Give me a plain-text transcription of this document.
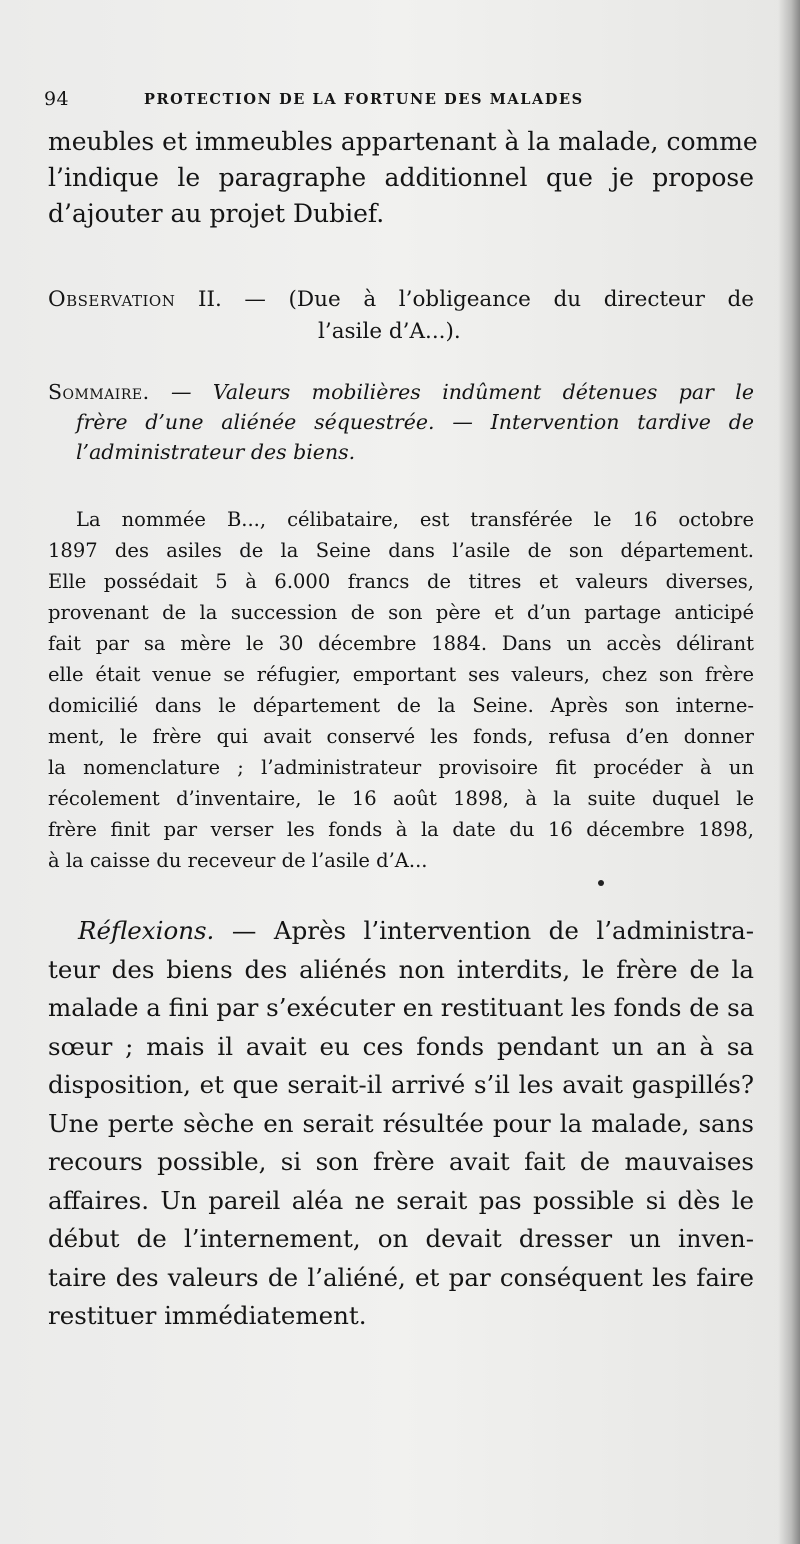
94	PROTECTION DE LA FORTUNE DES MALADES
meubles et immeubles appartenant à la malade, comme
l’indique le paragraphe additionnel que je propose
d’ajouter au projet Dubief.
Observation II. — (Due à l’obligeance du directeur de
l’asile d’A...).
Sommaire. — Valeurs mobilières indûment détenues par le
frère d’une aliénée séquestrée. — Intervention tardive de
l’administrateur des biens.
La nommée B..., célibataire, est transférée le 16 octobre
1897 des asiles de la Seine dans l’asile de son département.
Elle possédait 5 à 6.000 francs de titres et valeurs diverses,
provenant de la succession de son père et d’un partage anticipé
fait par sa mère le 30 décembre 1884. Dans un accès délirant
elle était venue se réfugier, emportant ses valeurs, chez son frère
domicilié dans le département de la Seine. Après son interne-
ment, le frère qui avait conservé les fonds, refusa d’en donner
la nomenclature ; l’administrateur provisoire fit procéder à un
récolement d’inventaire, le 16 août 1898, à la suite duquel le
frère finit par verser les fonds à la date du 16 décembre 1898,
à la caisse du receveur de l’asile d’A...
Réflexions. — Après l’intervention de l’administra-
teur des biens des aliénés non interdits, le frère de la
malade a fini par s’exécuter en restituant les fonds de sa
sœur ; mais il avait eu ces fonds pendant un an à sa
disposition, et que serait-il arrivé s’il les avait gaspillés?
Une perte sèche en serait résultée pour la malade, sans
recours possible, si son frère avait fait de mauvaises
affaires. Un pareil aléa ne serait pas possible si dès le
début de l’internement, on devait dresser un inven-
taire des valeurs de l’aliéné, et par conséquent les faire
restituer immédiatement.
